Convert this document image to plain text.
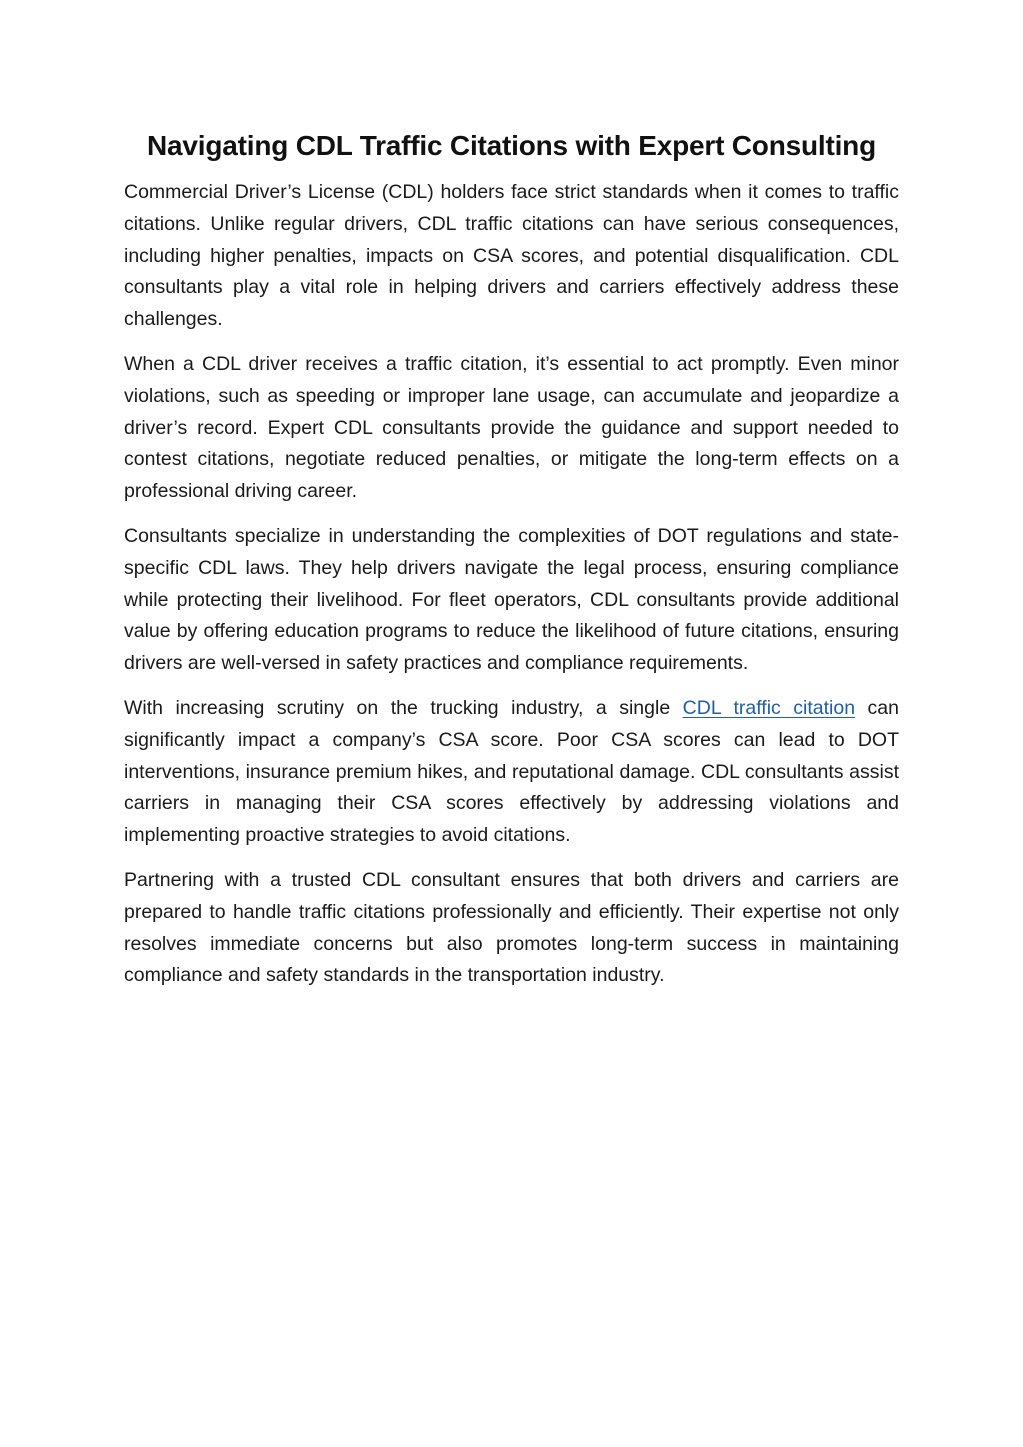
Navigating CDL Traffic Citations with Expert Consulting

Commercial Driver’s License (CDL) holders face strict standards when it comes to traffic citations. Unlike regular drivers, CDL traffic citations can have serious consequences, including higher penalties, impacts on CSA scores, and potential disqualification. CDL consultants play a vital role in helping drivers and carriers effectively address these challenges.

When a CDL driver receives a traffic citation, it’s essential to act promptly. Even minor violations, such as speeding or improper lane usage, can accumulate and jeopardize a driver’s record. Expert CDL consultants provide the guidance and support needed to contest citations, negotiate reduced penalties, or mitigate the long-term effects on a professional driving career.

Consultants specialize in understanding the complexities of DOT regulations and state-specific CDL laws. They help drivers navigate the legal process, ensuring compliance while protecting their livelihood. For fleet operators, CDL consultants provide additional value by offering education programs to reduce the likelihood of future citations, ensuring drivers are well-versed in safety practices and compliance requirements.

With increasing scrutiny on the trucking industry, a single CDL traffic citation can significantly impact a company’s CSA score. Poor CSA scores can lead to DOT interventions, insurance premium hikes, and reputational damage. CDL consultants assist carriers in managing their CSA scores effectively by addressing violations and implementing proactive strategies to avoid citations.

Partnering with a trusted CDL consultant ensures that both drivers and carriers are prepared to handle traffic citations professionally and efficiently. Their expertise not only resolves immediate concerns but also promotes long-term success in maintaining compliance and safety standards in the transportation industry.
